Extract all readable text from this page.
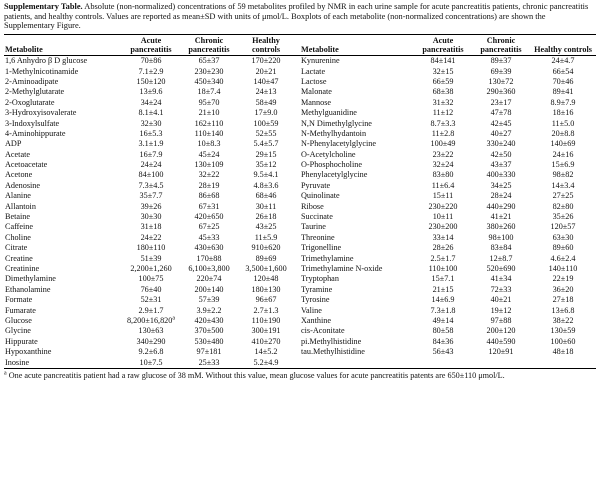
Supplementary Table. Absolute (non-normalized) concentrations of 59 metabolites profiled by NMR in each urine sample for acute pancreatitis patients, chronic pancreatitis patients, and healthy controls. Values are reported as mean±SD with units of μmol/L. Boxplots of each metabolite (non-normalized concentrations) are shown the Supplementary Figure.

Metabolite	Acute pancreatitis	Chronic pancreatitis	Healthy controls		Metabolite	Acute pancreatitis	Chronic pancreatitis	Healthy controls
1,6 Anhydro β D glucose	70±86	65±37	170±220		Kynurenine	84±141	89±37	24±4.7
1-Methylnicotinamide	7.1±2.9	230±230	20±21		Lactate	32±15	69±39	66±54
2-Aminoadipate	150±120	450±340	140±47		Lactose	66±59	130±72	70±46
2-Methylglutarate	13±9.6	18±7.4	24±13		Malonate	68±38	290±360	89±41
2-Oxoglutarate	34±24	95±70	58±49		Mannose	31±32	23±17	8.9±7.9
3-Hydroxyisovalerate	8.1±4.1	21±10	17±9.0		Methylguanidine	11±12	47±78	18±16
3-Indoxylsulfate	32±30	162±110	100±59		N,N Dimethylglycine	8.7±3.3	42±45	11±5.0
4-Aminohippurate	16±5.3	110±140	52±55		N-Methylhydantoin	11±2.8	40±27	20±8.8
ADP	3.1±1.9	10±8.3	5.4±5.7		N-Phenylacetylglycine	100±49	330±240	140±69
Acetate	16±7.9	45±24	29±15		O-Acetylcholine	23±22	42±50	24±16
Acetoacetate	24±24	130±109	35±12		O-Phosphocholine	32±24	43±37	15±6.9
Acetone	84±100	32±22	9.5±4.1		Phenylacetylglycine	83±80	400±330	98±82
Adenosine	7.3±4.5	28±19	4.8±3.6		Pyruvate	11±6.4	34±25	14±3.4
Alanine	35±7.7	86±68	68±46		Quinolinate	15±11	28±24	27±25
Allantoin	39±26	67±31	30±11		Ribose	230±220	440±290	82±80
Betaine	30±30	420±650	26±18		Succinate	10±11	41±21	35±26
Caffeine	31±18	67±25	43±25		Taurine	230±200	380±260	120±57
Choline	24±22	45±33	11±5.9		Threonine	33±14	98±100	63±30
Citrate	180±110	430±630	910±620		Trigonelline	28±26	83±84	89±60
Creatine	51±39	170±88	89±69		Trimethylamine	2.5±1.7	12±8.7	4.6±2.4
Creatinine	2,200±1,260	6,100±3,800	3,500±1,600		Trimethylamine N-oxide	110±100	520±690	140±110
Dimethylamine	100±75	220±74	120±48		Tryptophan	15±7.1	41±34	22±19
Ethanolamine	76±40	200±140	180±130		Tyramine	21±15	72±33	36±20
Formate	52±31	57±39	96±67		Tyrosine	14±6.9	40±21	27±18
Fumarate	2.9±1.7	3.9±2.2	2.7±1.3		Valine	7.3±1.8	19±12	13±6.8
Glucose	8,200±16,820$^a$	420±430	110±190		Xanthine	49±14	97±88	38±22
Glycine	130±63	370±500	300±191		cis-Aconitate	80±58	200±120	130±59
Hippurate	340±290	530±480	410±270		pi.Methylhistidine	84±36	440±590	100±60
Hypoxanthine	9.2±6.8	97±181	14±5.2		tau.Methylhistidine	56±43	120±91	48±18
Inosine	10±7.5	25±33	5.2±4.9					
$^a$ One acute pancreatitis patient had a raw glucose of 38 mM. Without this value, mean glucose values for acute pancreatitis patents are 650±110 μmol/L.
